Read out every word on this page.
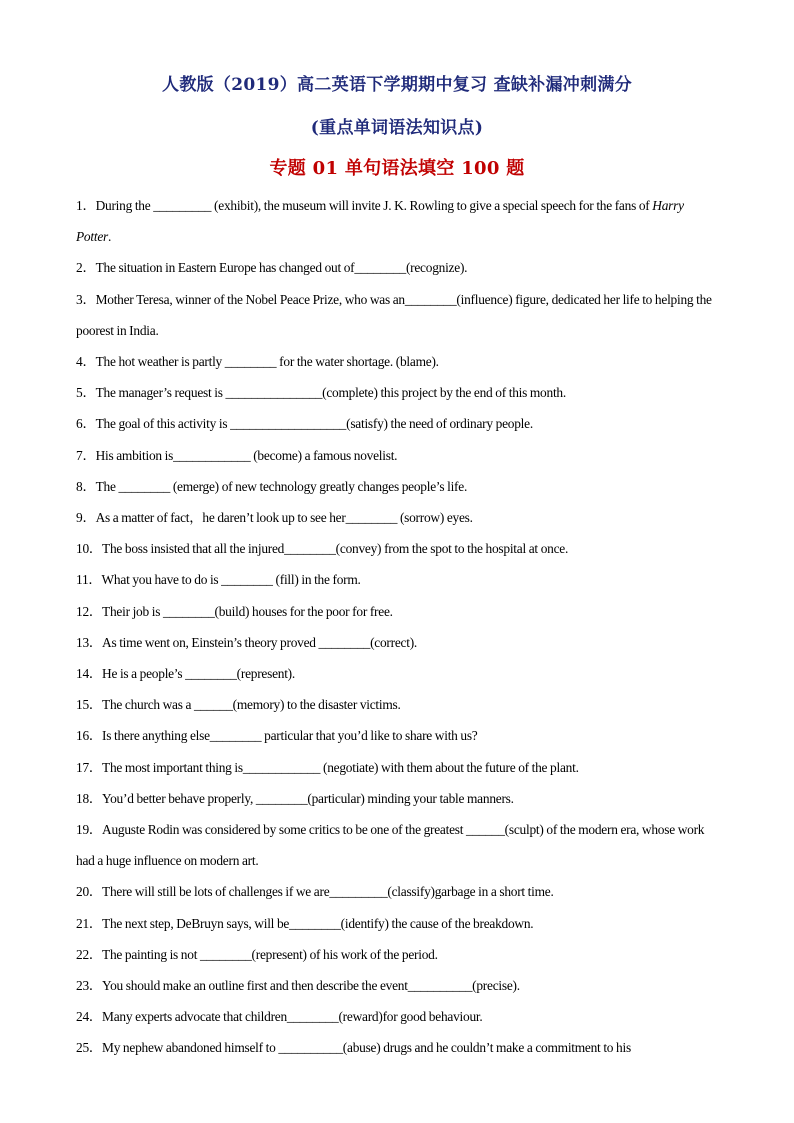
人教版（2019）高二英语下学期期中复习 查缺补漏冲刺满分
(重点单词语法知识点)
专题 01 单句语法填空 100 题
1．During the _________ (exhibit), the museum will invite J. K. Rowling to give a special speech for the fans of Harry Potter.
2．The situation in Eastern Europe has changed out of________(recognize).
3．Mother Teresa, winner of the Nobel Peace Prize, who was an________(influence) figure, dedicated her life to helping the poorest in India.
4．The hot weather is partly ________ for the water shortage. (blame).
5．The manager’s request is _______________(complete) this project by the end of this month.
6．The goal of this activity is __________________(satisfy) the need of ordinary people.
7．His ambition is____________ (become) a famous novelist.
8．The ________ (emerge) of new technology greatly changes people’s life.
9．As a matter of fact，he daren’t look up to see her________ (sorrow) eyes.
10．The boss insisted that all the injured________(convey) from the spot to the hospital at once.
11．What you have to do is ________ (fill) in the form.
12．Their job is ________(build) houses for the poor for free.
13．As time went on, Einstein’s theory proved ________(correct).
14．He is a people’s ________(represent).
15．The church was a ______(memory) to the disaster victims.
16．Is there anything else________ particular that you’d like to share with us?
17．The most important thing is____________ (negotiate) with them about the future of the plant.
18．You’d better behave properly, ________(particular) minding your table manners.
19．Auguste Rodin was considered by some critics to be one of the greatest ______(sculpt) of the modern era, whose work had a huge influence on modern art.
20．There will still be lots of challenges if we are_________(classify)garbage in a short time.
21．The next step, DeBruyn says, will be________(identify) the cause of the breakdown.
22．The painting is not ________(represent) of his work of the period.
23．You should make an outline first and then describe the event__________(precise).
24．Many experts advocate that children________(reward)for good behaviour.
25．My nephew abandoned himself to __________(abuse) drugs and he couldn’t make a commitment to his
